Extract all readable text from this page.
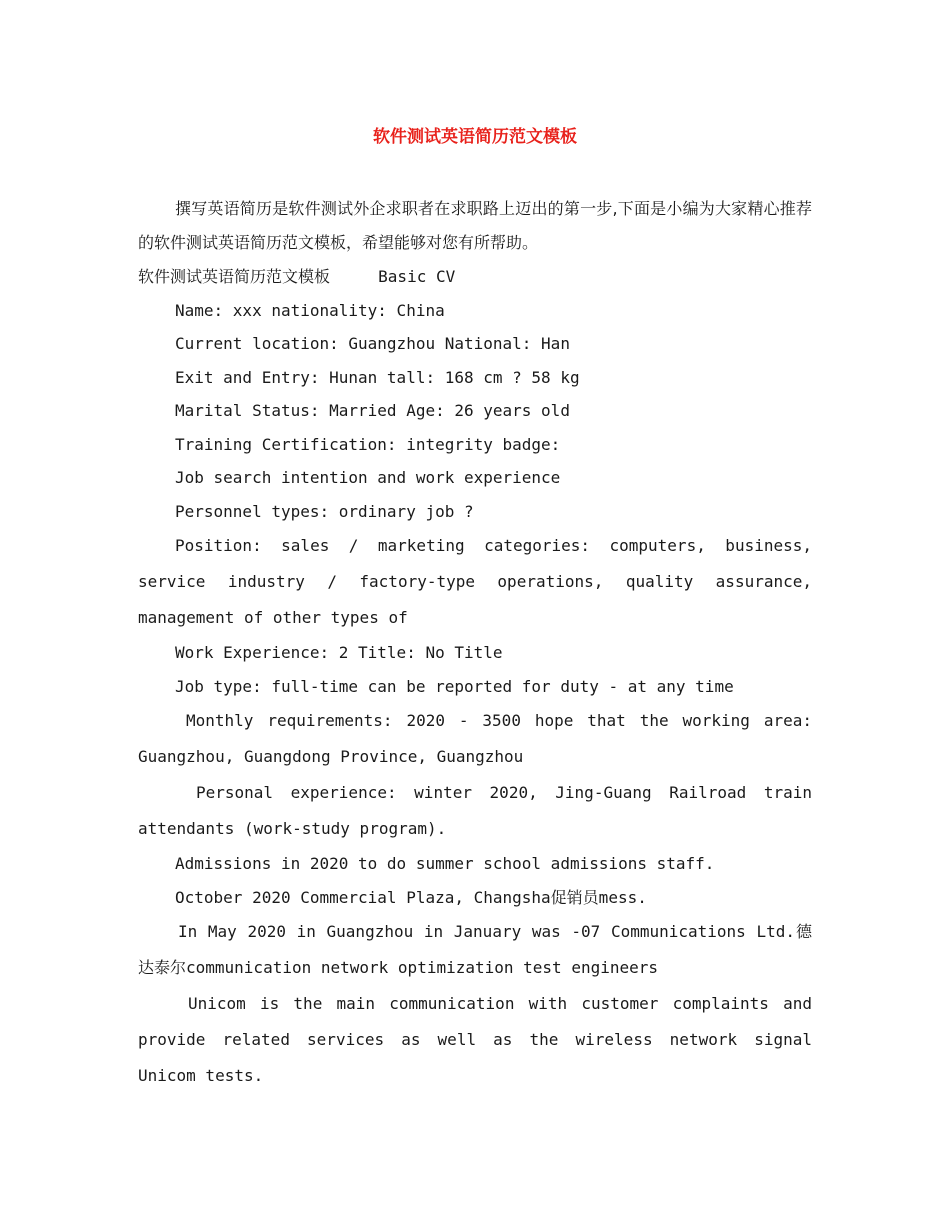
软件测试英语简历范文模板

撰写英语简历是软件测试外企求职者在求职路上迈出的第一步,下面是小编为大家精心推荐的软件测试英语简历范文模板，希望能够对您有所帮助。

软件测试英语简历范文模板     Basic CV

Name: xxx nationality: China

Current location: Guangzhou National: Han

Exit and Entry: Hunan tall: 168 cm ? 58 kg

Marital Status: Married Age: 26 years old

Training Certification: integrity badge:

Job search intention and work experience

Personnel types: ordinary job ?

Position: sales / marketing categories: computers, business, service industry / factory-type operations, quality assurance, management of other types of

Work Experience: 2 Title: No Title

Job type: full-time can be reported for duty - at any time

Monthly requirements: 2020 - 3500 hope that the working area: Guangzhou, Guangdong Province, Guangzhou

Personal experience: winter 2020, Jing-Guang Railroad train attendants (work-study program).

Admissions in 2020 to do summer school admissions staff.

October 2020 Commercial Plaza, Changsha促销员mess.

In May 2020 in Guangzhou in January was -07 Communications Ltd.德达泰尔communication network optimization test engineers

Unicom is the main communication with customer complaints and provide related services as well as the wireless network signal Unicom tests.
